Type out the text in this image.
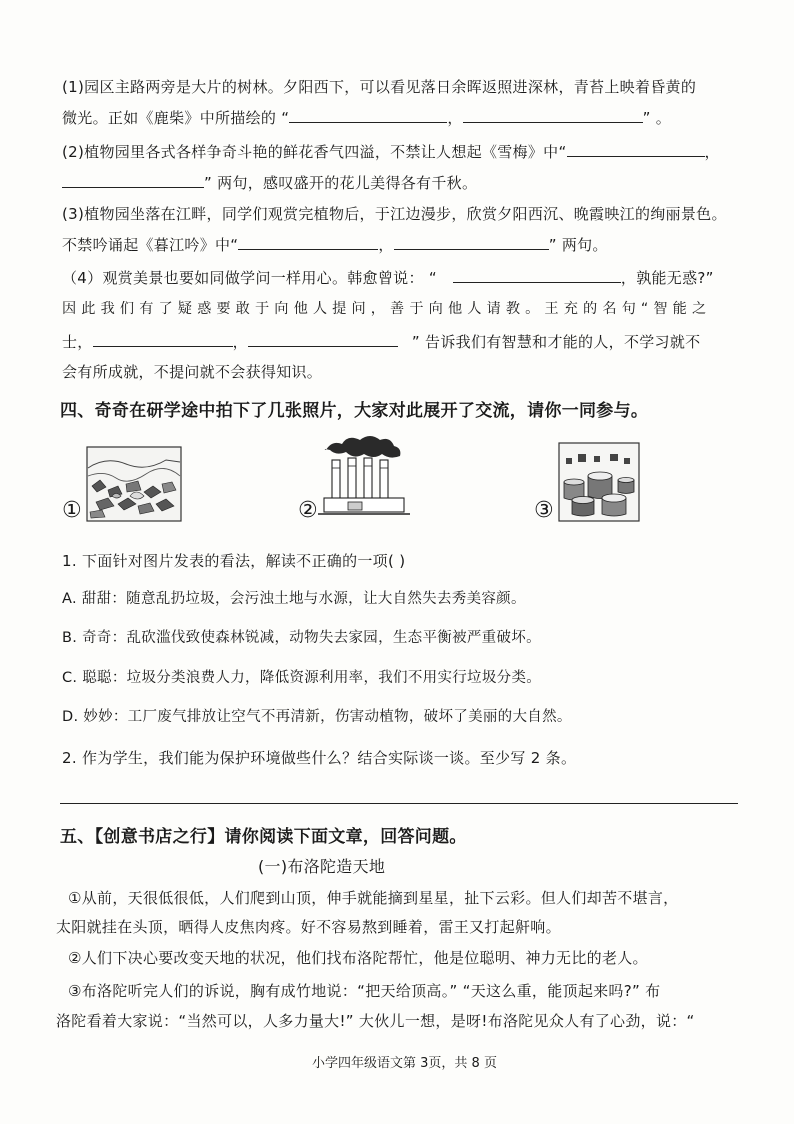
(1)园区主路两旁是大片的树林。夕阳西下，可以看见落日余晖返照进深林，青苔上映着昏黄的
微光。正如《鹿柴》中所描绘的 “	，	” 。
(2)植物园里各式各样争奇斗艳的鲜花香气四溢，不禁让人想起《雪梅》中“	，
” 两句，感叹盛开的花儿美得各有千秋。
(3)植物园坐落在江畔，同学们观赏完植物后，于江边漫步，欣赏夕阳西沉、晚霞映江的绚丽景色。
不禁吟诵起《暮江吟》中“	，	” 两句。
（4）观赏美景也要如同做学问一样用心。韩愈曾说： “	，孰能无惑?”
因 此 我 们 有 了 疑 惑 要 敢 于 向 他 人 提 问 ， 善 于 向 他 人 请 教 。 王 充 的 名 句 “ 智 能 之
士，	，	” 告诉我们有智慧和才能的人，不学习就不
会有所成就，不提问就不会获得知识。
四、奇奇在研学途中拍下了几张照片，大家对此展开了交流，请你一同参与。
①	②	③
1. 下面针对图片发表的看法，解读不正确的一项( )
A. 甜甜：随意乱扔垃圾，会污浊土地与水源，让大自然失去秀美容颜。
B. 奇奇：乱砍滥伐致使森林锐减，动物失去家园，生态平衡被严重破坏。
C. 聪聪：垃圾分类浪费人力，降低资源利用率，我们不用实行垃圾分类。
D. 妙妙：工厂废气排放让空气不再清新，伤害动植物，破坏了美丽的大自然。
2. 作为学生，我们能为保护环境做些什么？结合实际谈一谈。至少写 2 条。
五、【创意书店之行】请你阅读下面文章，回答问题。
(一)布洛陀造天地
①从前，天很低很低，人们爬到山顶，伸手就能摘到星星，扯下云彩。但人们却苦不堪言，
太阳就挂在头顶，晒得人皮焦肉疼。好不容易熬到睡着，雷王又打起鼾响。
②人们下决心要改变天地的状况，他们找布洛陀帮忙，他是位聪明、神力无比的老人。
③布洛陀听完人们的诉说，胸有成竹地说：“把天给顶高。” “天这么重，能顶起来吗?” 布
洛陀看着大家说：“当然可以，人多力量大!” 大伙儿一想，是呀!布洛陀见众人有了心劲，说：“
小学四年级语文第 3页，共 8 页
